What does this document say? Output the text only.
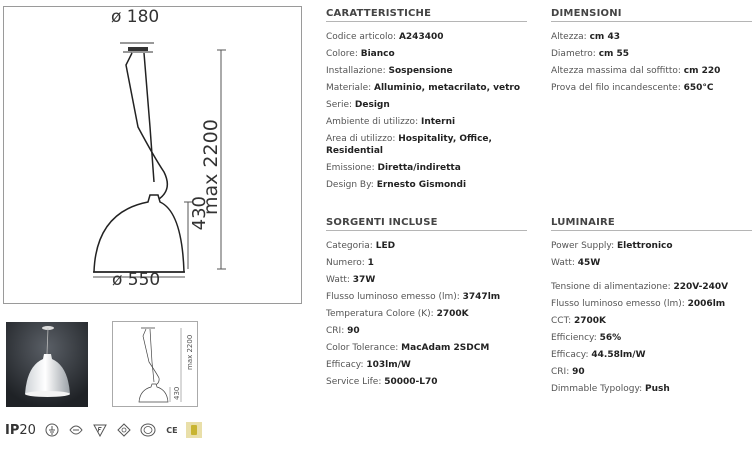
ø 180
ø 550
max 2200
430
max 2200
430
IP20	CE
CARATTERISTICHE
Codice articolo: A243400
Colore: Bianco
Installazione: Sospensione
Materiale: Alluminio, metacrilato, vetro
Serie: Design
Ambiente di utilizzo: Interni
Area di utilizzo: Hospitality, Office,
Residential
Emissione: Diretta/indiretta
Design By: Ernesto Gismondi
DIMENSIONI
Altezza: cm 43
Diametro: cm 55
Altezza massima dal soffitto: cm 220
Prova del filo incandescente: 650°C
SORGENTI INCLUSE
Categoria: LED
Numero: 1
Watt: 37W
Flusso luminoso emesso (lm): 3747lm
Temperatura Colore (K): 2700K
CRI: 90
Color Tolerance: MacAdam 2SDCM
Efficacy: 103lm/W
Service Life: 50000-L70
LUMINAIRE
Power Supply: Elettronico
Watt: 45W
Tensione di alimentazione: 220V-240V
Flusso luminoso emesso (lm): 2006lm
CCT: 2700K
Efficiency: 56%
Efficacy: 44.58lm/W
CRI: 90
Dimmable Typology: Push
